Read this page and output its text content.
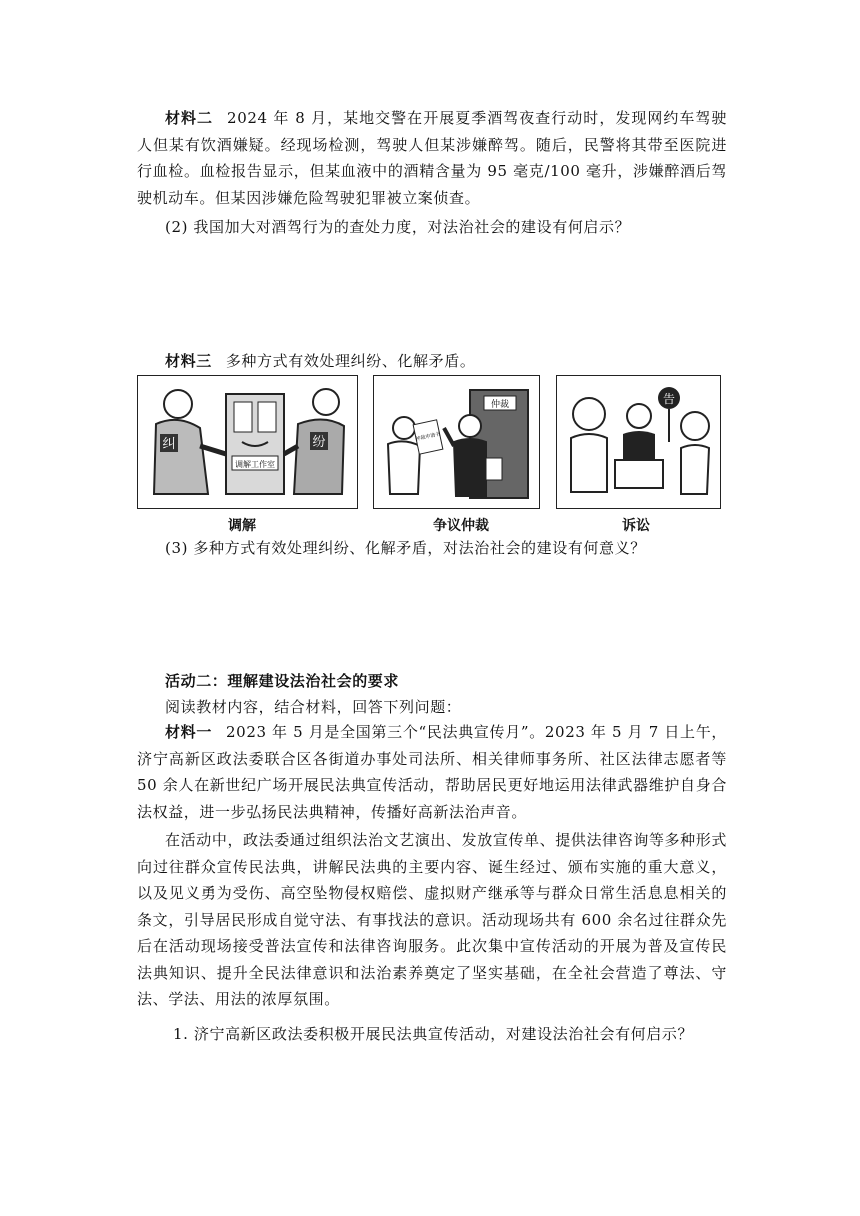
材料二 2024 年 8 月，某地交警在开展夏季酒驾夜查行动时，发现网约车驾驶人但某有饮酒嫌疑。经现场检测，驾驶人但某涉嫌醉驾。随后，民警将其带至医院进行血检。血检报告显示，但某血液中的酒精含量为 95 毫克/100 毫升，涉嫌醉酒后驾驶机动车。但某因涉嫌危险驾驶犯罪被立案侦查。

(2) 我国加大对酒驾行为的查处力度，对法治社会的建设有何启示？

材料三 多种方式有效处理纠纷、化解矛盾。

调解工作室
纠	纷
调解
仲裁
仲裁申请书
争议仲裁
告
诉讼

(3) 多种方式有效处理纠纷、化解矛盾，对法治社会的建设有何意义？

活动二：理解建设法治社会的要求

阅读教材内容，结合材料，回答下列问题：

材料一 2023 年 5 月是全国第三个“民法典宣传月”。2023 年 5 月 7 日上午，济宁高新区政法委联合区各街道办事处司法所、相关律师事务所、社区法律志愿者等 50 余人在新世纪广场开展民法典宣传活动，帮助居民更好地运用法律武器维护自身合法权益，进一步弘扬民法典精神，传播好高新法治声音。

在活动中，政法委通过组织法治文艺演出、发放宣传单、提供法律咨询等多种形式向过往群众宣传民法典，讲解民法典的主要内容、诞生经过、颁布实施的重大意义，以及见义勇为受伤、高空坠物侵权赔偿、虚拟财产继承等与群众日常生活息息相关的条文，引导居民形成自觉守法、有事找法的意识。活动现场共有 600 余名过往群众先后在活动现场接受普法宣传和法律咨询服务。此次集中宣传活动的开展为普及宣传民法典知识、提升全民法律意识和法治素养奠定了坚实基础，在全社会营造了尊法、守法、学法、用法的浓厚氛围。

1. 济宁高新区政法委积极开展民法典宣传活动，对建设法治社会有何启示？
